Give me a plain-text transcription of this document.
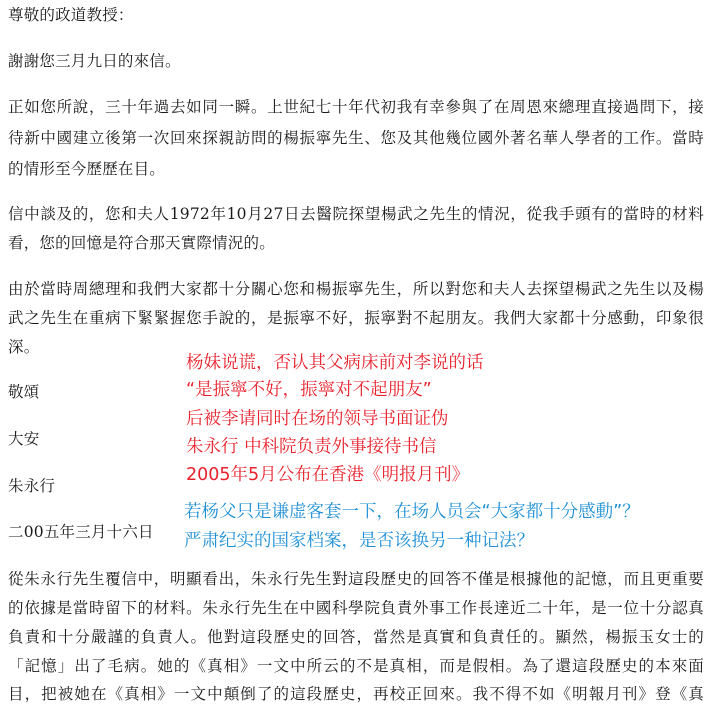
尊敬的政道教授：
謝謝您三月九日的來信。
正如您所說，三十年過去如同一瞬。上世紀七十年代初我有幸參與了在周恩來總理直接過問下，接
待新中國建立後第一次回來探親訪問的楊振寧先生、您及其他幾位國外著名華人學者的工作。當時
的情形至今歷歷在目。
信中談及的，您和夫人1972年10月27日去醫院探望楊武之先生的情況，從我手頭有的當時的材料
看，您的回憶是符合那天實際情況的。
由於當時周總理和我們大家都十分關心您和楊振寧先生，所以對您和夫人去探望楊武之先生以及楊
武之先生在重病下緊緊握您手說的，是振寧不好，振寧對不起朋友。我們大家都十分感動，印象很
深。
敬頌
大安
朱永行
二00五年三月十六日
杨妹说谎，否认其父病床前对李说的话
“是振寧不好，振寧对不起朋友”
后被李请同时在场的领导书面证伪
朱永行 中科院负责外事接待书信
2005年5月公布在香港《明报月刊》
若杨父只是谦虚客套一下，在场人员会“大家都十分感動”？
严肃纪实的国家档案，是否该换另一种记法？
從朱永行先生覆信中，明顯看出，朱永行先生對這段歷史的回答不僅是根據他的記憶，而且更重要
的依據是當時留下的材料。朱永行先生在中國科學院負責外事工作長達近二十年，是一位十分認真
負責和十分嚴謹的負責人。他對這段歷史的回答，當然是真實和負責任的。顯然，楊振玉女士的
「記憶」出了毛病。她的《真相》一文中所云的不是真相，而是假相。為了還這段歷史的本來面
目，把被她在《真相》一文中顛倒了的這段歷史，再校正回來。我不得不如《明報月刊》登《真
